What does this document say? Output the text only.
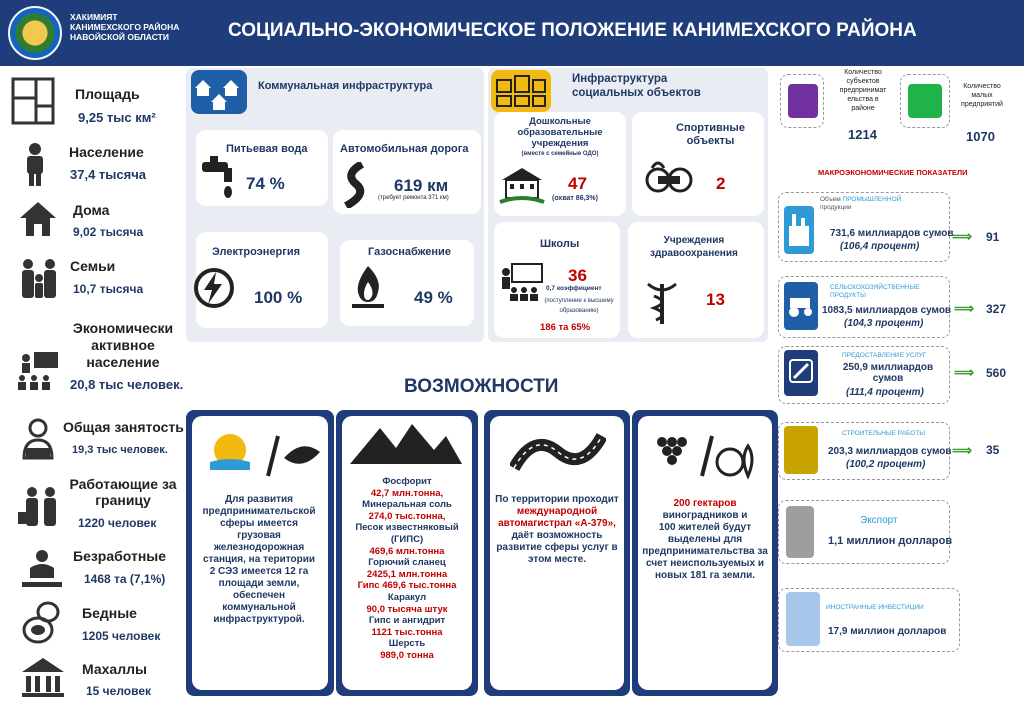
ХАКИМИЯТ
КАНИМЕХСКОГО РАЙОНА
НАВОЙСКОЙ ОБЛАСТИ	СОЦИАЛЬНО-ЭКОНОМИЧЕСКОЕ ПОЛОЖЕНИЕ КАНИМЕХСКОГО РАЙОНА
Площадь
9,25 тыс км²
Население
37,4 тысяча
Дома
9,02 тысяча
Семьи
10,7 тысяча
Экономически
активное
население
20,8 тыс человек.
Общая занятость
19,3 тыс человек.
Работающие за
границу
1220 человек
Безработные
1468 та (7,1%)
Бедные
1205 человек
Махаллы
15 человек
Коммунальная инфраструктура
Питьевая вода
74 %
Автомобильная дорога
619 км
(требует ремонта 371 км)
Электроэнергия
100 %
Газоснабжение
49 %
Инфраструктура
социальных объектов
Дошкольные
образовательные
учреждения
(вместе с семейные ОДО)
47
(охват 86,3%)
Спортивные
объекты
2
Школы
36
0,7 коэффициент
(поступление к высшему
образованию)
186 та 65%
Учреждения
здравоохранения
13
ВОЗМОЖНОСТИ
Для развития
предпринимательской
сферы имеется
грузовая
железнодорожная
станция, на територии
2 СЭЗ имеется 12 га
площади земли,
обеспечен
коммунальной
инфраструктурой.
Фосфорит
42,7 млн.тонна,
Минеральная соль
274,0 тыс.тонна,
Песок известняковый
(ГИПС)
469,6 млн.тонна
Горючий сланец
2425,1 млн.тонна
Гипс 469,6 тыс.тонна
Каракул
90,0 тысяча штук
Гипс и ангидрит
1121 тыс.тонна
Шерсть
989,0 тонна
По территории проходит
международной
автомагистрал «А-379»,
даёт возможность
развитие сферы услуг в
этом месте.
200 гектаров
виноградников и
100 жителей будут
выделены для
предпринимательства за
счет неиспользуемых и
новых 181 га земли.
Количество
субъектов
предпринимат
ельства в
районе
1214
Количество
малых
предприятий
1070
МАКРОЭКОНОМИЧЕСКИЕ ПОКАЗАТЕЛИ
Объем ПРОМЫШЛЕННОЙ
продукции
731,6 миллиардов сумов
(106,4 процент)
⟹ 91
СЕЛЬСКОХОЗЯЙСТВЕННЫЕ
ПРОДУКТЫ
1083,5 миллиардов сумов
(104,3 процент)
⟹ 327
ПРЕДОСТАВЛЕНИЕ УСЛУГ
250,9 миллиардов
сумов
(111,4 процент)
⟹ 560
СТРОИТЕЛЬНЫЕ РАБОТЫ
203,3 миллиардов сумов
(100,2 процент)
⟹ 35
Экспорт
1,1 миллион долларов
ИНОСТРАННЫЕ ИНВЕСТИЦИИ
17,9 миллион долларов
